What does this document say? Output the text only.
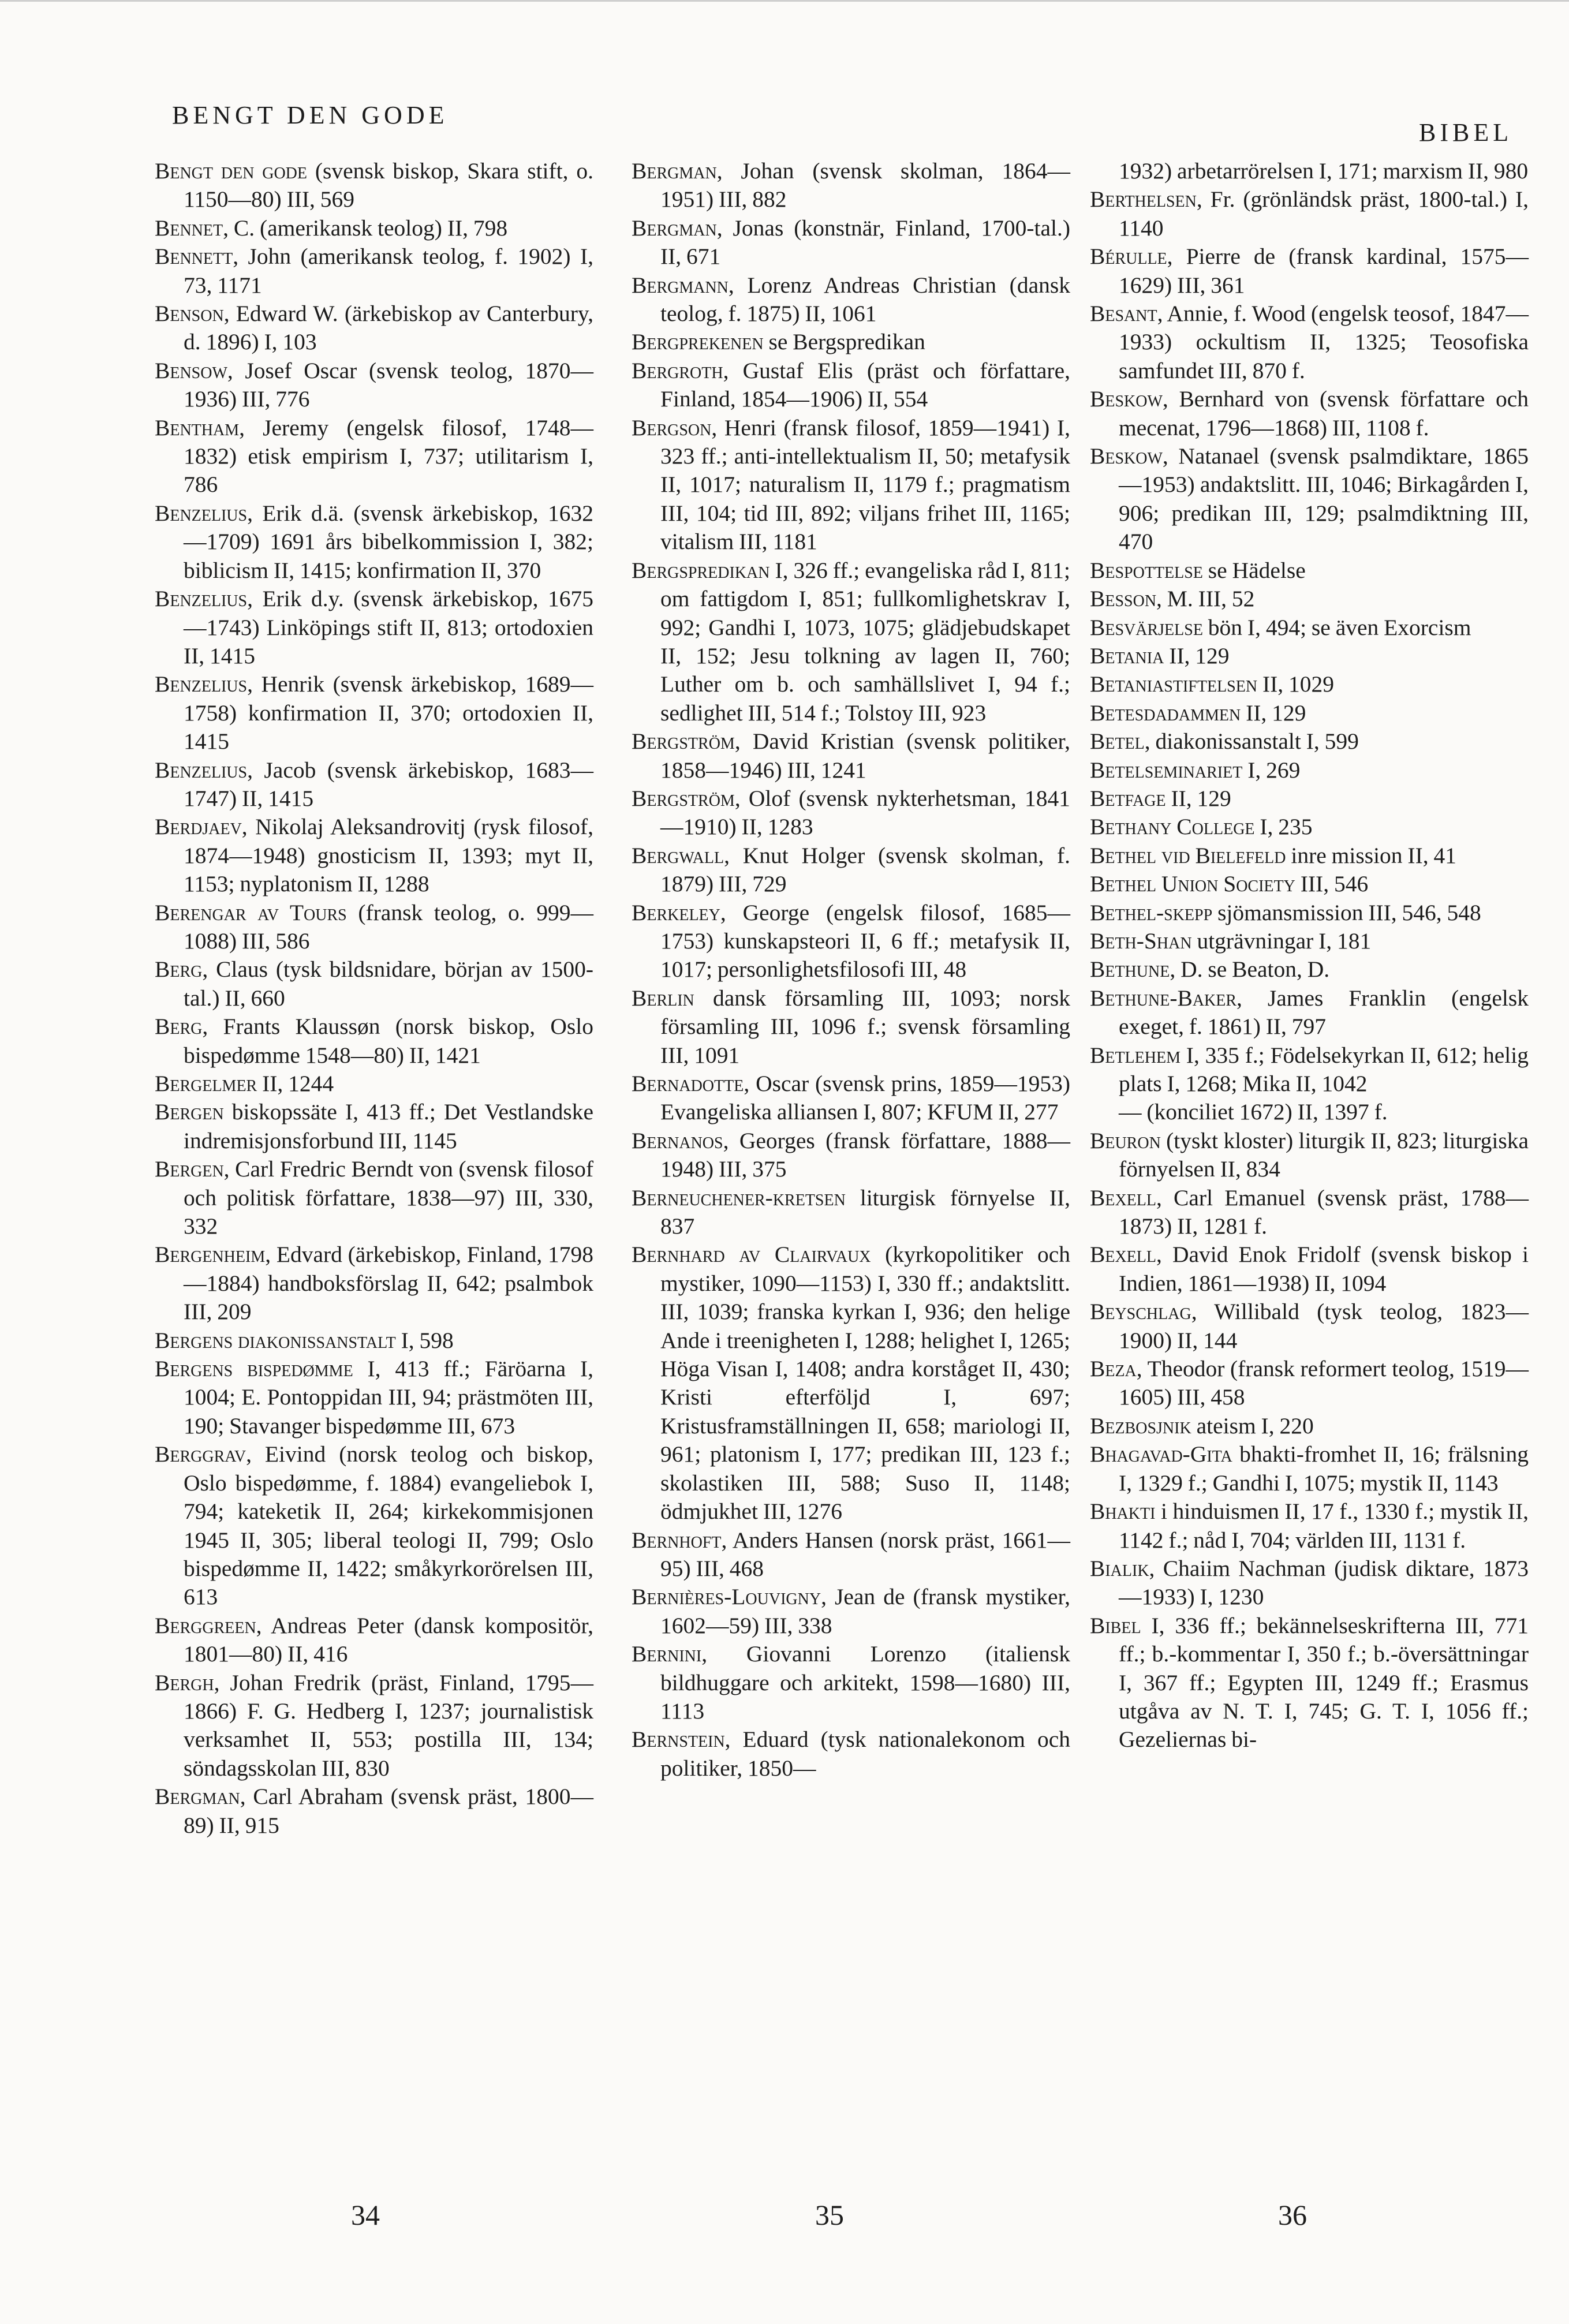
BENGT DEN GODE
BIBEL
Bengt den gode (svensk biskop, Skara stift, o. 1150—80) III, 569
Bennet, C. (amerikansk teolog) II, 798
Bennett, John (amerikansk teolog, f. 1902) I, 73, 1171
Benson, Edward W. (ärkebiskop av Canterbury, d. 1896) I, 103
Bensow, Josef Oscar (svensk teolog, 1870—1936) III, 776
Bentham, Jeremy (engelsk filosof, 1748—1832) etisk empirism I, 737; utilitarism I, 786
Benzelius, Erik d.ä. (svensk ärkebiskop, 1632—1709) 1691 års bibelkommission I, 382; biblicism II, 1415; konfirmation II, 370
Benzelius, Erik d.y. (svensk ärkebiskop, 1675—1743) Linköpings stift II, 813; ortodoxien II, 1415
Benzelius, Henrik (svensk ärkebiskop, 1689—1758) konfirmation II, 370; ortodoxien II, 1415
Benzelius, Jacob (svensk ärkebiskop, 1683—1747) II, 1415
Berdjaev, Nikolaj Aleksandrovitj (rysk filosof, 1874—1948) gnosticism II, 1393; myt II, 1153; nyplatonism II, 1288
Berengar av Tours (fransk teolog, o. 999—1088) III, 586
Berg, Claus (tysk bildsnidare, början av 1500-tal.) II, 660
Berg, Frants Klaussøn (norsk biskop, Oslo bispedømme 1548—80) II, 1421
Bergelmer II, 1244
Bergen biskopssäte I, 413 ff.; Det Vestlandske indremisjonsforbund III, 1145
Bergen, Carl Fredric Berndt von (svensk filosof och politisk författare, 1838—97) III, 330, 332
Bergenheim, Edvard (ärkebiskop, Finland, 1798—1884) handboksförslag II, 642; psalmbok III, 209
Bergens diakonissanstalt I, 598
Bergens bispedømme I, 413 ff.; Färöarna I, 1004; E. Pontoppidan III, 94; prästmöten III, 190; Stavanger bispedømme III, 673
Berggrav, Eivind (norsk teolog och biskop, Oslo bispedømme, f. 1884) evangeliebok I, 794; kateketik II, 264; kirkekommisjonen 1945 II, 305; liberal teologi II, 799; Oslo bispedømme II, 1422; småkyrkorörelsen III, 613
Berggreen, Andreas Peter (dansk kompositör, 1801—80) II, 416
Bergh, Johan Fredrik (präst, Finland, 1795—1866) F. G. Hedberg I, 1237; journalistisk verksamhet II, 553; postilla III, 134; söndagsskolan III, 830
Bergman, Carl Abraham (svensk präst, 1800—89) II, 915
Bergman, Johan (svensk skolman, 1864—1951) III, 882
Bergman, Jonas (konstnär, Finland, 1700-tal.) II, 671
Bergmann, Lorenz Andreas Christian (dansk teolog, f. 1875) II, 1061
Bergprekenen se Bergspredikan
Bergroth, Gustaf Elis (präst och författare, Finland, 1854—1906) II, 554
Bergson, Henri (fransk filosof, 1859—1941) I, 323 ff.; anti-intellektualism II, 50; metafysik II, 1017; naturalism II, 1179 f.; pragmatism III, 104; tid III, 892; viljans frihet III, 1165; vitalism III, 1181
Bergspredikan I, 326 ff.; evangeliska råd I, 811; om fattigdom I, 851; fullkomlighetskrav I, 992; Gandhi I, 1073, 1075; glädjebudskapet II, 152; Jesu tolkning av lagen II, 760; Luther om b. och samhällslivet I, 94 f.; sedlighet III, 514 f.; Tolstoy III, 923
Bergström, David Kristian (svensk politiker, 1858—1946) III, 1241
Bergström, Olof (svensk nykterhetsman, 1841—1910) II, 1283
Bergwall, Knut Holger (svensk skolman, f. 1879) III, 729
Berkeley, George (engelsk filosof, 1685—1753) kunskapsteori II, 6 ff.; metafysik II, 1017; personlighetsfilosofi III, 48
Berlin dansk församling III, 1093; norsk församling III, 1096 f.; svensk församling III, 1091
Bernadotte, Oscar (svensk prins, 1859—1953) Evangeliska alliansen I, 807; KFUM II, 277
Bernanos, Georges (fransk författare, 1888—1948) III, 375
Berneuchener-kretsen liturgisk förnyelse II, 837
Bernhard av Clairvaux (kyrkopolitiker och mystiker, 1090—1153) I, 330 ff.; andaktslitt. III, 1039; franska kyrkan I, 936; den helige Ande i treenigheten I, 1288; helighet I, 1265; Höga Visan I, 1408; andra korståget II, 430; Kristi efterföljd I, 697; Kristusframställningen II, 658; mariologi II, 961; platonism I, 177; predikan III, 123 f.; skolastiken III, 588; Suso II, 1148; ödmjukhet III, 1276
Bernhoft, Anders Hansen (norsk präst, 1661—95) III, 468
Bernières-Louvigny, Jean de (fransk mystiker, 1602—59) III, 338
Bernini, Giovanni Lorenzo (italiensk bildhuggare och arkitekt, 1598—1680) III, 1113
Bernstein, Eduard (tysk nationalekonom och politiker, 1850—
1932) arbetarrörelsen I, 171; marxism II, 980
Berthelsen, Fr. (grönländsk präst, 1800-tal.) I, 1140
Bérulle, Pierre de (fransk kardinal, 1575—1629) III, 361
Besant, Annie, f. Wood (engelsk teosof, 1847—1933) ockultism II, 1325; Teosofiska samfundet III, 870 f.
Beskow, Bernhard von (svensk författare och mecenat, 1796—1868) III, 1108 f.
Beskow, Natanael (svensk psalmdiktare, 1865—1953) andaktslitt. III, 1046; Birkagården I, 906; predikan III, 129; psalmdiktning III, 470
Bespottelse se Hädelse
Besson, M. III, 52
Besvärjelse bön I, 494; se även Exorcism
Betania II, 129
Betaniastiftelsen II, 1029
Betesdadammen II, 129
Betel, diakonissanstalt I, 599
Betelseminariet I, 269
Betfage II, 129
Bethany College I, 235
Bethel vid Bielefeld inre mission II, 41
Bethel Union Society III, 546
Bethel-skepp sjömansmission III, 546, 548
Beth-Shan utgrävningar I, 181
Bethune, D. se Beaton, D.
Bethune-Baker, James Franklin (engelsk exeget, f. 1861) II, 797
Betlehem I, 335 f.; Födelsekyrkan II, 612; helig plats I, 1268; Mika II, 1042
— (konciliet 1672) II, 1397 f.
Beuron (tyskt kloster) liturgik II, 823; liturgiska förnyelsen II, 834
Bexell, Carl Emanuel (svensk präst, 1788—1873) II, 1281 f.
Bexell, David Enok Fridolf (svensk biskop i Indien, 1861—1938) II, 1094
Beyschlag, Willibald (tysk teolog, 1823—1900) II, 144
Beza, Theodor (fransk reformert teolog, 1519—1605) III, 458
Bezbosjnik ateism I, 220
Bhagavad-Gita bhakti-fromhet II, 16; frälsning I, 1329 f.; Gandhi I, 1075; mystik II, 1143
Bhakti i hinduismen II, 17 f., 1330 f.; mystik II, 1142 f.; nåd I, 704; världen III, 1131 f.
Bialik, Chaiim Nachman (judisk diktare, 1873—1933) I, 1230
Bibel I, 336 ff.; bekännelseskrifterna III, 771 ff.; b.-kommentar I, 350 f.; b.-översättningar I, 367 ff.; Egypten III, 1249 ff.; Erasmus utgåva av N. T. I, 745; G. T. I, 1056 ff.; Gezeliernas bi-
34	35	36
